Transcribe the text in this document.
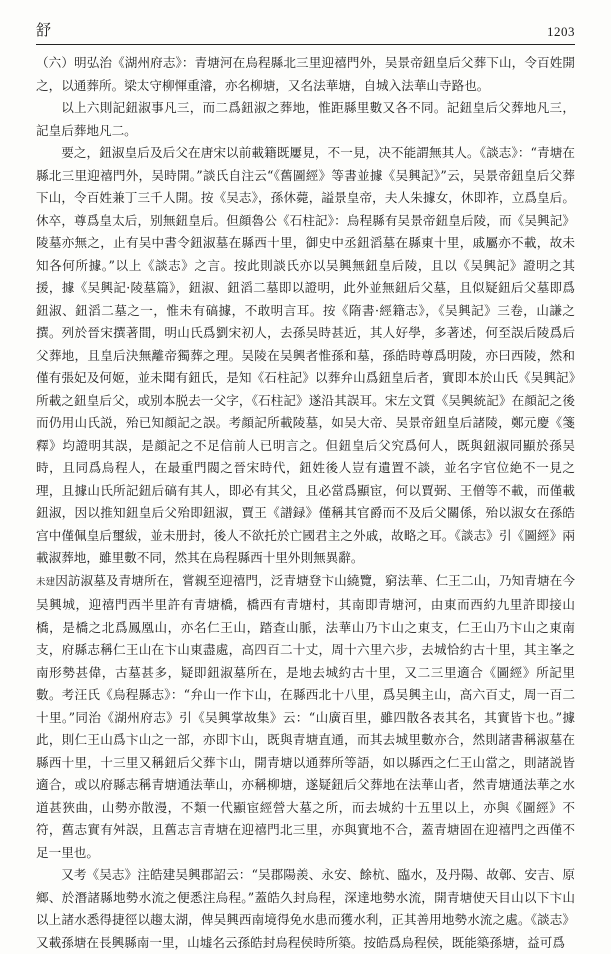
舒	1203

（六）明弘治《湖州府志》：青塘河在烏程縣北三里迎禧門外，吴景帝鈕皇后父葬下山，令百姓開之，以通葬所。梁太守柳惲重濬，亦名柳塘，又名法華塘，自城入法華山寺路也。

以上六則記鈕淑事凡三，而二爲鈕淑之葬地，惟距縣里數又各不同。記鈕皇后父葬地凡三，記皇后葬地凡二。

要之，鈕淑皇后及后父在唐宋以前載籍既屢見，不一見，决不能謂無其人。《談志》：“青塘在縣北三里迎禧門外，吴時開。”談氏自注云“《舊圖經》等書並據《吴興記》”云，吴景帝鈕皇后父葬下山，令百姓兼丁三千人開。按《吴志》，孫休薨，謚景皇帝，夫人朱據女，休即祚，立爲皇后。休卒，尊爲皇太后，别無鈕皇后。但顔魯公《石柱記》：烏程縣有吴景帝鈕皇后陵，而《吴興記》陵墓亦無之，止有吴中書令鈕淑墓在縣西十里，御史中丞鈕滔墓在縣東十里，戚屬亦不載，故未知各何所據。”以上《談志》之言。按此則談氏亦以吴興無鈕皇后陵，且以《吴興記》證明之其援，據《吴興記·陵墓篇》，鈕淑、鈕滔二墓即以證明，此外並無鈕后父墓，且似疑鈕后父墓即爲鈕淑、鈕滔二墓之一，惟未有碻據，不敢明言耳。按《隋書·經籍志》，《吴興記》三卷，山謙之撰。列於晉宋撰著間，明山氏爲劉宋初人，去孫吴時甚近，其人好學，多著述，何至誤后陵爲后父葬地，且皇后決無離帝獨葬之理。吴陵在吴興者惟孫和墓，孫皓時尊爲明陵，亦曰西陵，然和僅有張妃及何姬，並未聞有鈕氏，是知《石柱記》以葬弁山爲鈕皇后者，實即本於山氏《吴興記》所載之鈕皇后父，或别本脱去一父字，《石柱記》遂沿其誤耳。宋左文質《吴興統記》在顔記之後而仍用山氏説，殆已知顔記之誤。考顔記所載陵墓，如吴大帝、吴景帝鈕皇后諸陵，鄭元慶《箋釋》均證明其誤，是顔記之不足信前人已明言之。但鈕皇后父究爲何人，既與鈕淑同顯於孫吴時，且同爲烏程人，在最重門閥之晉宋時代，鈕姓後人豈有遺置不談，並名字官位絶不一見之理，且據山氏所記鈕后碻有其人，即必有其父，且必當爲顯宦，何以賈弼、王僧等不載，而僅載鈕淑，因以推知鈕皇后父殆即鈕淑，賈王《譜録》僅稱其官爵而不及后父關係，殆以淑女在孫皓宫中僅佩皇后璽紱，並未册封，後人不欲托於亡國君主之外戚，故略之耳。《談志》引《圖經》兩載淑葬地，雖里數不同，然其在烏程縣西十里外則無異辭。

未建因訪淑墓及青塘所在，嘗親至迎禧門，泛青塘登卞山繞覽，窮法華、仁王二山，乃知青塘在今吴興城，迎禧門西半里許有青塘橋，橋西有青塘村，其南即青塘河，由東而西約九里許即接山橋，是橋之北爲鳳凰山，亦名仁王山，踏查山脈，法華山乃卞山之東支，仁王山乃卞山之東南支，府縣志稱仁王山在卞山東盡處，高四百二十丈，周十六里六步，去城恰約古十里，其主峯之南形勢甚偉，古墓甚多，疑即鈕淑墓所在，是地去城約古十里，又二三里適合《圖經》所記里數。考汪氏《烏程縣志》：“弁山一作卞山，在縣西北十八里，爲吴興主山，高六百丈，周一百二十里。”同治《湖州府志》引《吴興掌故集》云：“山廣百里，雖四散各表其名，其實皆卞也。”據此，則仁王山爲卞山之一部，亦即卞山，既與青塘直通，而其去城里數亦合，然則諸書稱淑墓在縣西十里，十三里又稱鈕后父葬卞山，開青塘以通葬所等語，如以縣西之仁王山當之，則諸説皆適合，或以府縣志稱青塘通法華山，亦稱柳塘，遂疑鈕后父葬地在法華山者，然青塘通法華之水道甚狹曲，山勢亦散漫，不類一代顯宦經營大墓之所，而去城約十五里以上，亦與《圖經》不符，舊志實有舛誤，且舊志言青塘在迎禧門北三里，亦與實地不合，蓋青塘固在迎禧門之西僅不足一里也。

又考《吴志》注皓建吴興郡詔云：“吴郡陽羨、永安、餘杭、臨水，及丹陽、故鄣、安吉、原鄉、於潛諸縣地勢水流之便悉注烏程。”蓋皓久封烏程，深達地勢水流，開青塘使天目山以下卞山以上諸水悉得捷徑以趨太湖，俾吴興西南境得免水患而獲水利，正其善用地勢水流之處。《談志》又載孫塘在長興縣南一里，山墟名云孫皓封烏程侯時所築。按皓爲烏程侯，既能築孫塘，益可爲
